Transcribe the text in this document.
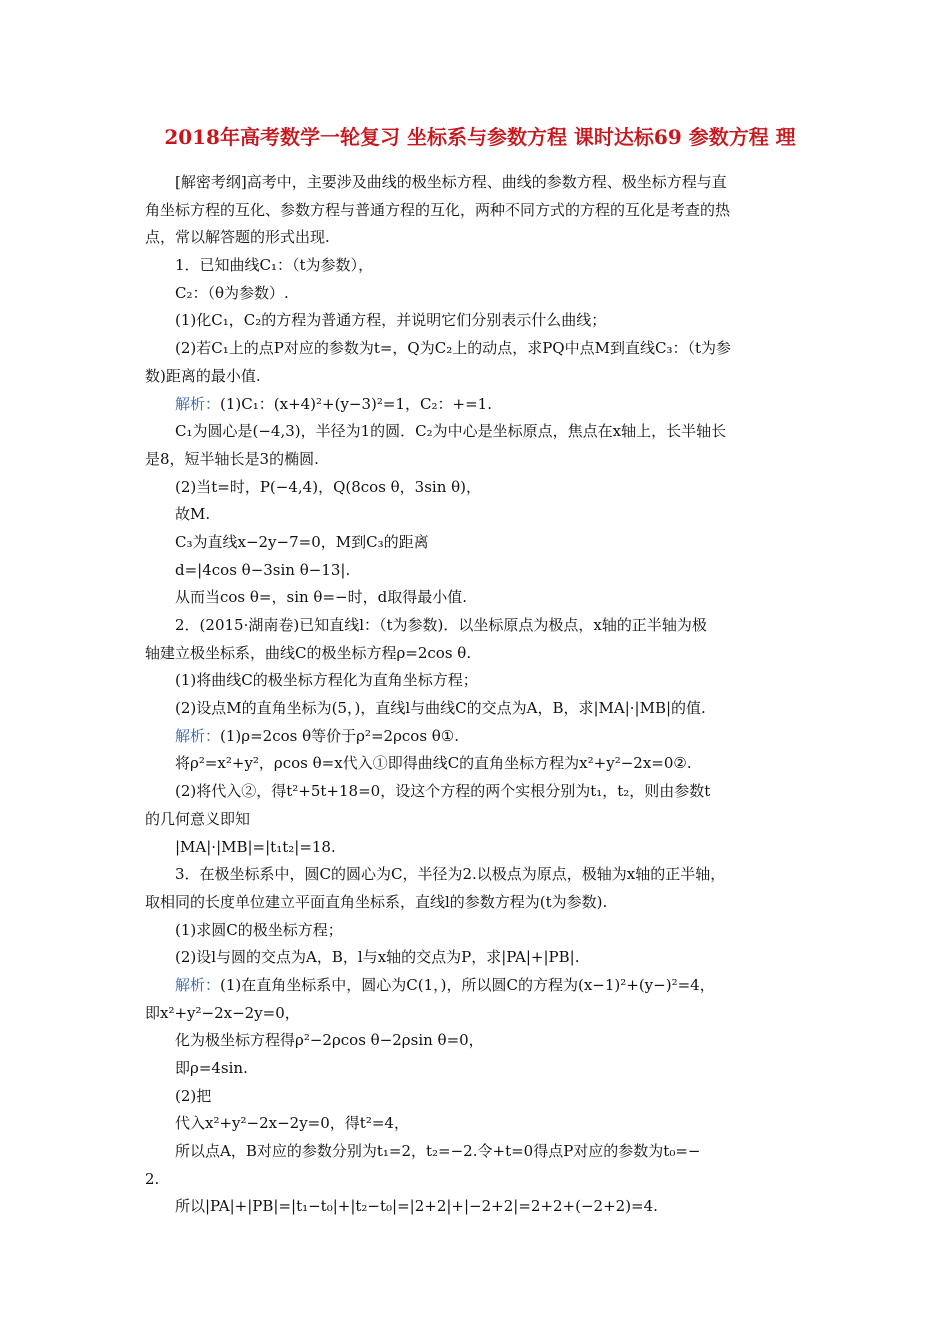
2018年高考数学一轮复习 坐标系与参数方程 课时达标69 参数方程 理
[解密考纲]高考中，主要涉及曲线的极坐标方程、曲线的参数方程、极坐标方程与直
角坐标方程的互化、参数方程与普通方程的互化，两种不同方式的方程的互化是考查的热
点，常以解答题的形式出现.
1．已知曲线C₁：（t为参数），
C₂：（θ为参数）.
(1)化C₁，C₂的方程为普通方程，并说明它们分别表示什么曲线；
(2)若C₁上的点P对应的参数为t=，Q为C₂上的动点，求PQ中点M到直线C₃：（t为参
数)距离的最小值.
解析：(1)C₁：(x+4)²+(y−3)²=1，C₂：+=1.
C₁为圆心是(−4,3)，半径为1的圆．C₂为中心是坐标原点，焦点在x轴上，长半轴长
是8，短半轴长是3的椭圆.
(2)当t=时，P(−4,4)，Q(8cos θ，3sin θ)，
故M.
C₃为直线x−2y−7=0，M到C₃的距离
d=|4cos θ−3sin θ−13|.
从而当cos θ=，sin θ=−时，d取得最小值.
2．(2015·湖南卷)已知直线l：（t为参数)．以坐标原点为极点，x轴的正半轴为极
轴建立极坐标系，曲线C的极坐标方程ρ=2cos θ.
(1)将曲线C的极坐标方程化为直角坐标方程；
(2)设点M的直角坐标为(5，)，直线l与曲线C的交点为A，B，求|MA|·|MB|的值.
解析：(1)ρ=2cos θ等价于ρ²=2ρcos θ①.
将ρ²=x²+y²，ρcos θ=x代入①即得曲线C的直角坐标方程为x²+y²−2x=0②.
(2)将代入②，得t²+5t+18=0，设这个方程的两个实根分别为t₁，t₂，则由参数t
的几何意义即知
|MA|·|MB|=|t₁t₂|=18.
3．在极坐标系中，圆C的圆心为C，半径为2.以极点为原点，极轴为x轴的正半轴，
取相同的长度单位建立平面直角坐标系，直线l的参数方程为(t为参数).
(1)求圆C的极坐标方程；
(2)设l与圆的交点为A，B，l与x轴的交点为P，求|PA|+|PB|.
解析：(1)在直角坐标系中，圆心为C(1，)，所以圆C的方程为(x−1)²+(y−)²=4，
即x²+y²−2x−2y=0，
化为极坐标方程得ρ²−2ρcos θ−2ρsin θ=0，
即ρ=4sin.
(2)把
代入x²+y²−2x−2y=0，得t²=4，
所以点A，B对应的参数分别为t₁=2，t₂=−2.令+t=0得点P对应的参数为t₀=−
2.
所以|PA|+|PB|=|t₁−t₀|+|t₂−t₀|=|2+2|+|−2+2|=2+2+(−2+2)=4.
